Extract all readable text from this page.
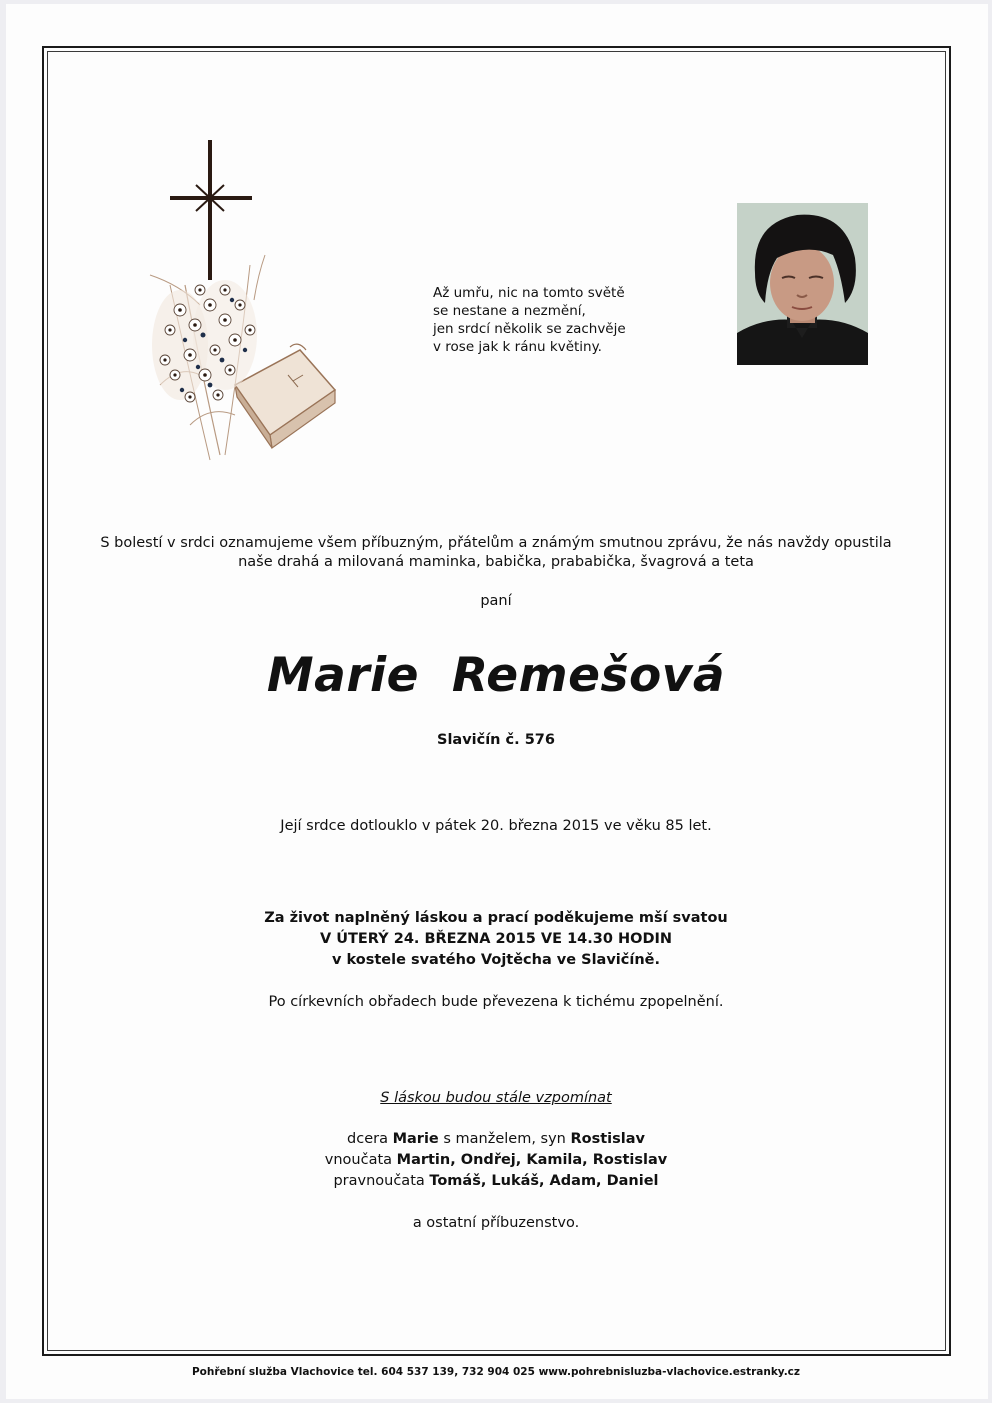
Až umřu, nic na tomto světě
se nestane a nezmění,
jen srdcí několik se zachvěje
v rose jak k ránu květiny.
S bolestí v srdci oznamujeme všem příbuzným, přátelům a známým smutnou zprávu, že nás navždy opustila
naše drahá a milovaná maminka, babička, prababička, švagrová a teta
paní
Marie Remešová
Slavičín č. 576
Její srdce dotlouklo v pátek 20. března 2015 ve věku 85 let.
Za život naplněný láskou a prací poděkujeme mší svatou
V ÚTERÝ 24. BŘEZNA 2015 VE 14.30 HODIN
v kostele svatého Vojtěcha ve Slavičíně.
Po církevních obřadech bude převezena k tichému zpopelnění.
S láskou budou stále vzpomínat
dcera Marie s manželem, syn Rostislav
vnoučata Martin, Ondřej, Kamila, Rostislav
pravnoučata Tomáš, Lukáš, Adam, Daniel
a ostatní příbuzenstvo.
Pohřební služba Vlachovice tel. 604 537 139, 732 904 025 www.pohrebnisluzba-vlachovice.estranky.cz
